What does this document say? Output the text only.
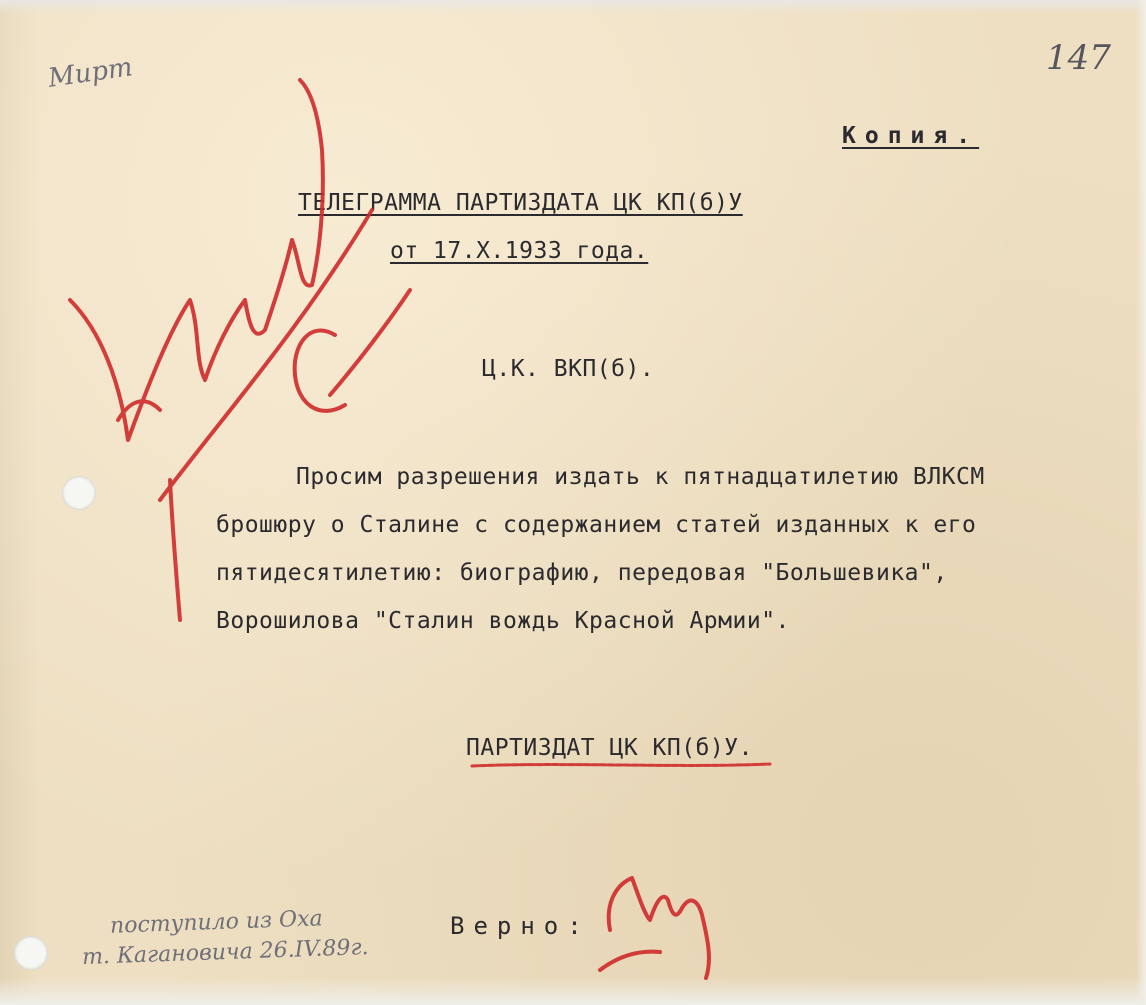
Мирт	147
Копия.
ТЕЛЕГРАММА ПАРТИЗДАТА ЦК КП(б)У
от 17.Х.1933 года.
Ц.К. ВКП(б).
Просим разрешения издать к пятнадцатилетию ВЛКСМ
брошюру о Сталине с содержанием статей изданных к его
пятидесятилетию: биографию, передовая "Большевика",
Ворошилова "Сталин вождь Красной Армии".
ПАРТИЗДАТ ЦК КП(б)У.
Верно:
поступило из Оха
т. Кагановича 26.IV.89г.
